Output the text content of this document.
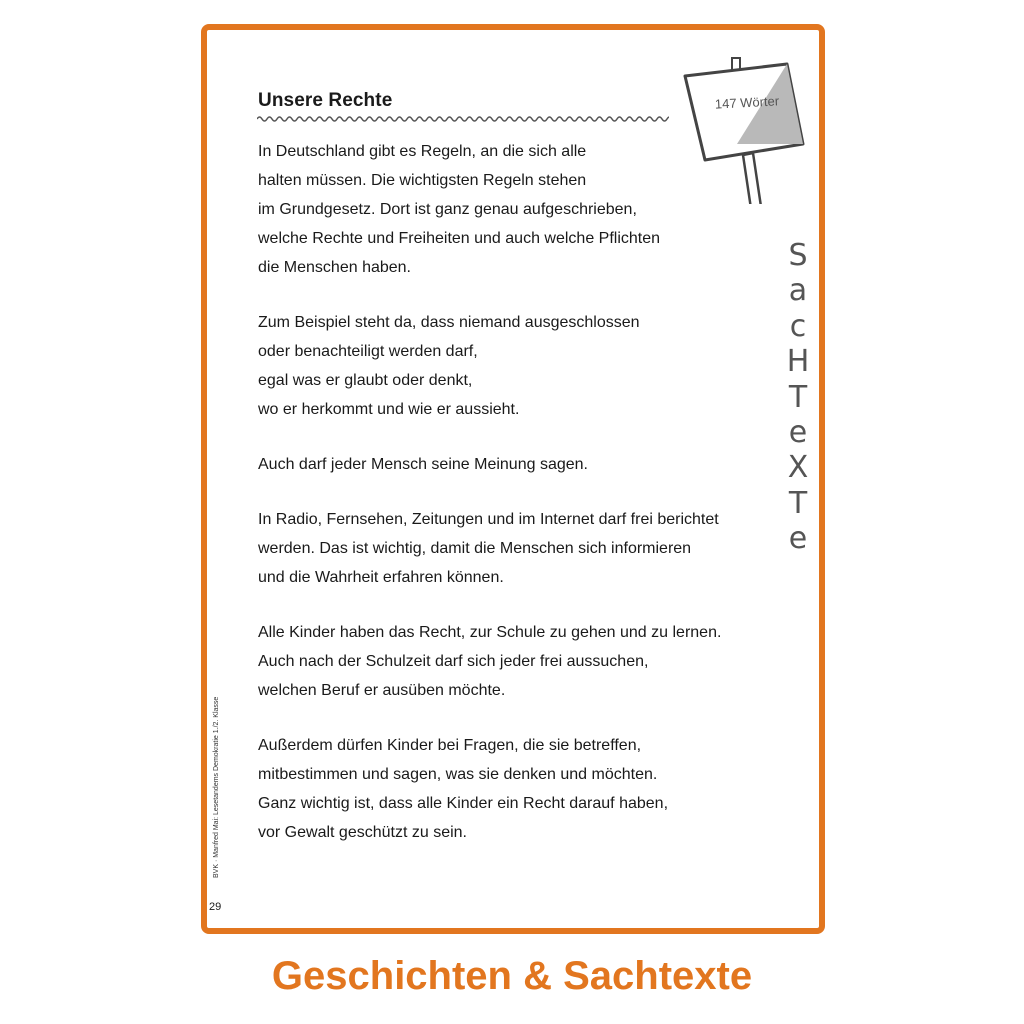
Unsere Rechte	147 Wörter

In Deutschland gibt es Regeln, an die sich alle
halten müssen. Die wichtigsten Regeln stehen
im Grundgesetz. Dort ist ganz genau aufgeschrieben,
welche Rechte und Freiheiten und auch welche Pflichten
die Menschen haben.

Zum Beispiel steht da, dass niemand ausgeschlossen
oder benachteiligt werden darf,
egal was er glaubt oder denkt,
wo er herkommt und wie er aussieht.

Auch darf jeder Mensch seine Meinung sagen.

In Radio, Fernsehen, Zeitungen und im Internet darf frei berichtet
werden. Das ist wichtig, damit die Menschen sich informieren
und die Wahrheit erfahren können.

Alle Kinder haben das Recht, zur Schule zu gehen und zu lernen.
Auch nach der Schulzeit darf sich jeder frei aussuchen,
welchen Beruf er ausüben möchte.

Außerdem dürfen Kinder bei Fragen, die sie betreffen,
mitbestimmen und sagen, was sie denken und möchten.
Ganz wichtig ist, dass alle Kinder ein Recht darauf haben,
vor Gewalt geschützt zu sein.

S
a
c
H
T
e
X
T
e
BVK · Manfred Mai: Lesetandems Demokratie 1./2. Klasse
29
Geschichten & Sachtexte
